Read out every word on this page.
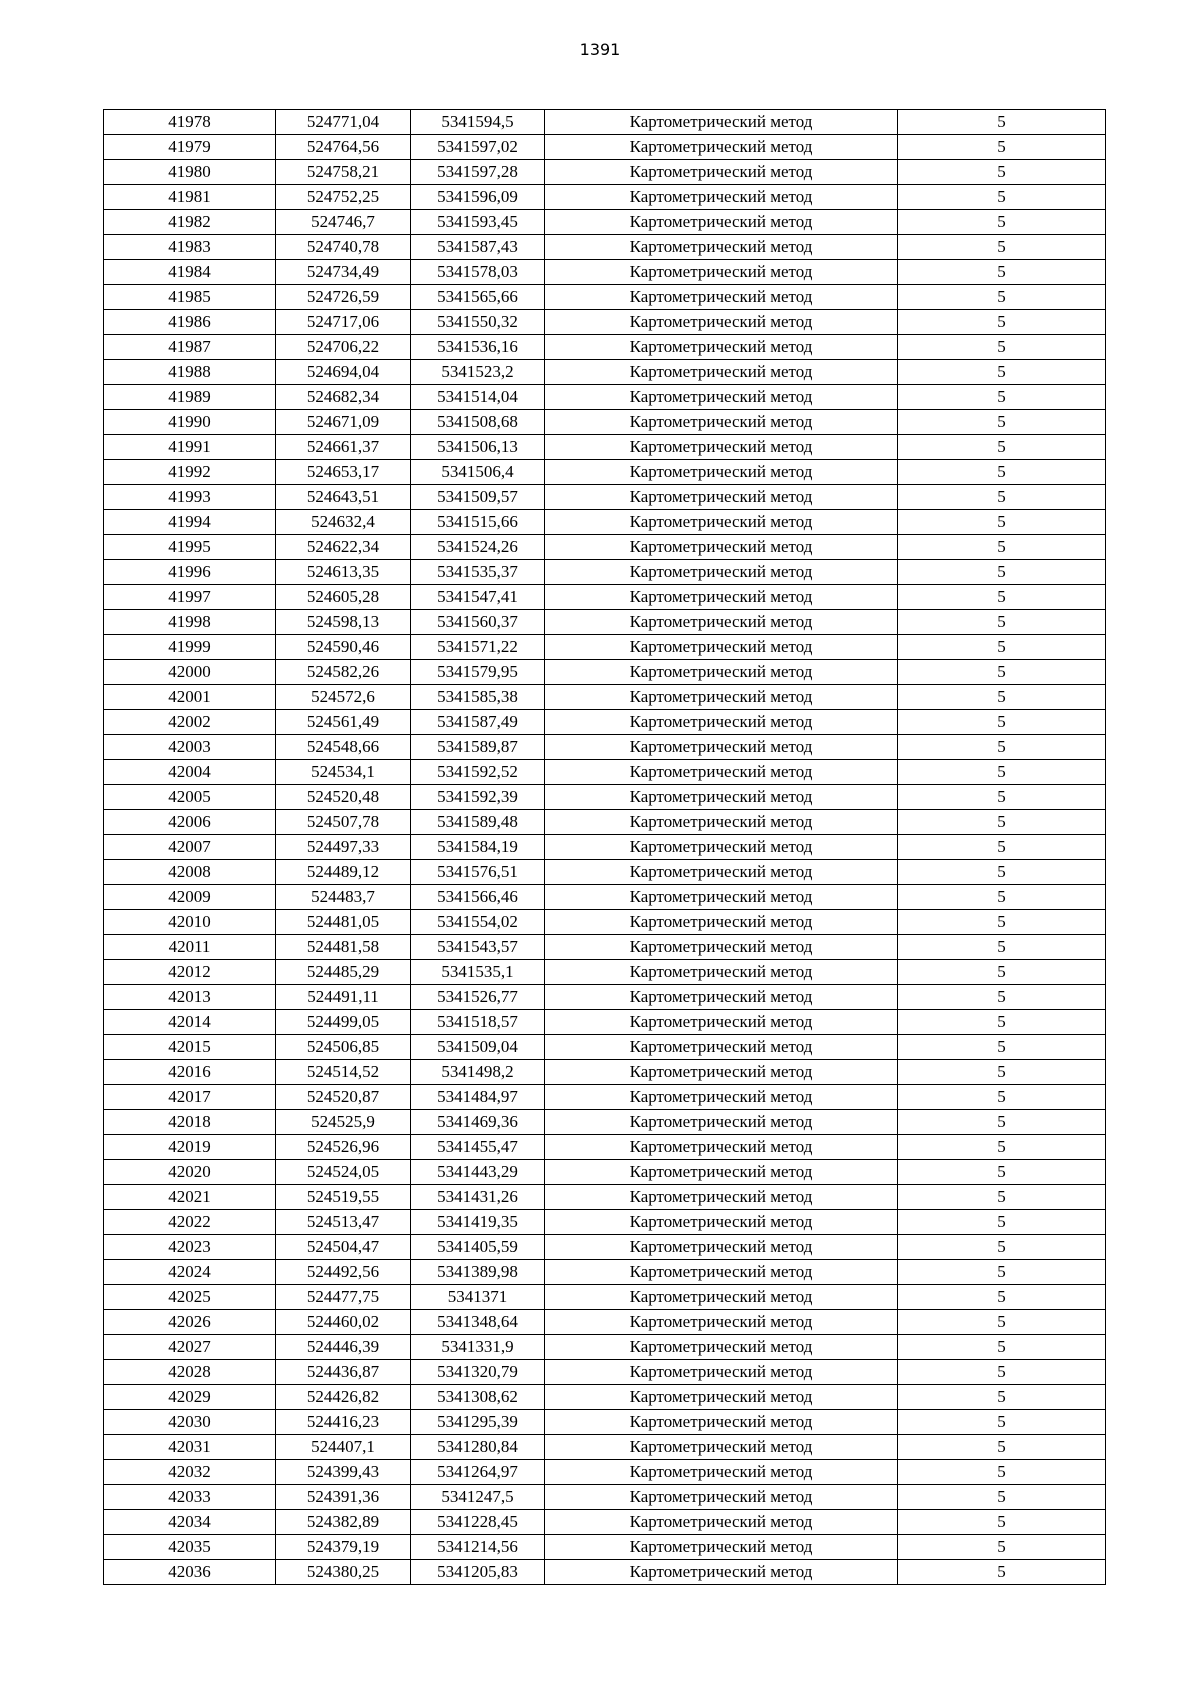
1391
41978	524771,04	5341594,5	Картометрический метод	5
41979	524764,56	5341597,02	Картометрический метод	5
41980	524758,21	5341597,28	Картометрический метод	5
41981	524752,25	5341596,09	Картометрический метод	5
41982	524746,7	5341593,45	Картометрический метод	5
41983	524740,78	5341587,43	Картометрический метод	5
41984	524734,49	5341578,03	Картометрический метод	5
41985	524726,59	5341565,66	Картометрический метод	5
41986	524717,06	5341550,32	Картометрический метод	5
41987	524706,22	5341536,16	Картометрический метод	5
41988	524694,04	5341523,2	Картометрический метод	5
41989	524682,34	5341514,04	Картометрический метод	5
41990	524671,09	5341508,68	Картометрический метод	5
41991	524661,37	5341506,13	Картометрический метод	5
41992	524653,17	5341506,4	Картометрический метод	5
41993	524643,51	5341509,57	Картометрический метод	5
41994	524632,4	5341515,66	Картометрический метод	5
41995	524622,34	5341524,26	Картометрический метод	5
41996	524613,35	5341535,37	Картометрический метод	5
41997	524605,28	5341547,41	Картометрический метод	5
41998	524598,13	5341560,37	Картометрический метод	5
41999	524590,46	5341571,22	Картометрический метод	5
42000	524582,26	5341579,95	Картометрический метод	5
42001	524572,6	5341585,38	Картометрический метод	5
42002	524561,49	5341587,49	Картометрический метод	5
42003	524548,66	5341589,87	Картометрический метод	5
42004	524534,1	5341592,52	Картометрический метод	5
42005	524520,48	5341592,39	Картометрический метод	5
42006	524507,78	5341589,48	Картометрический метод	5
42007	524497,33	5341584,19	Картометрический метод	5
42008	524489,12	5341576,51	Картометрический метод	5
42009	524483,7	5341566,46	Картометрический метод	5
42010	524481,05	5341554,02	Картометрический метод	5
42011	524481,58	5341543,57	Картометрический метод	5
42012	524485,29	5341535,1	Картометрический метод	5
42013	524491,11	5341526,77	Картометрический метод	5
42014	524499,05	5341518,57	Картометрический метод	5
42015	524506,85	5341509,04	Картометрический метод	5
42016	524514,52	5341498,2	Картометрический метод	5
42017	524520,87	5341484,97	Картометрический метод	5
42018	524525,9	5341469,36	Картометрический метод	5
42019	524526,96	5341455,47	Картометрический метод	5
42020	524524,05	5341443,29	Картометрический метод	5
42021	524519,55	5341431,26	Картометрический метод	5
42022	524513,47	5341419,35	Картометрический метод	5
42023	524504,47	5341405,59	Картометрический метод	5
42024	524492,56	5341389,98	Картометрический метод	5
42025	524477,75	5341371	Картометрический метод	5
42026	524460,02	5341348,64	Картометрический метод	5
42027	524446,39	5341331,9	Картометрический метод	5
42028	524436,87	5341320,79	Картометрический метод	5
42029	524426,82	5341308,62	Картометрический метод	5
42030	524416,23	5341295,39	Картометрический метод	5
42031	524407,1	5341280,84	Картометрический метод	5
42032	524399,43	5341264,97	Картометрический метод	5
42033	524391,36	5341247,5	Картометрический метод	5
42034	524382,89	5341228,45	Картометрический метод	5
42035	524379,19	5341214,56	Картометрический метод	5
42036	524380,25	5341205,83	Картометрический метод	5
